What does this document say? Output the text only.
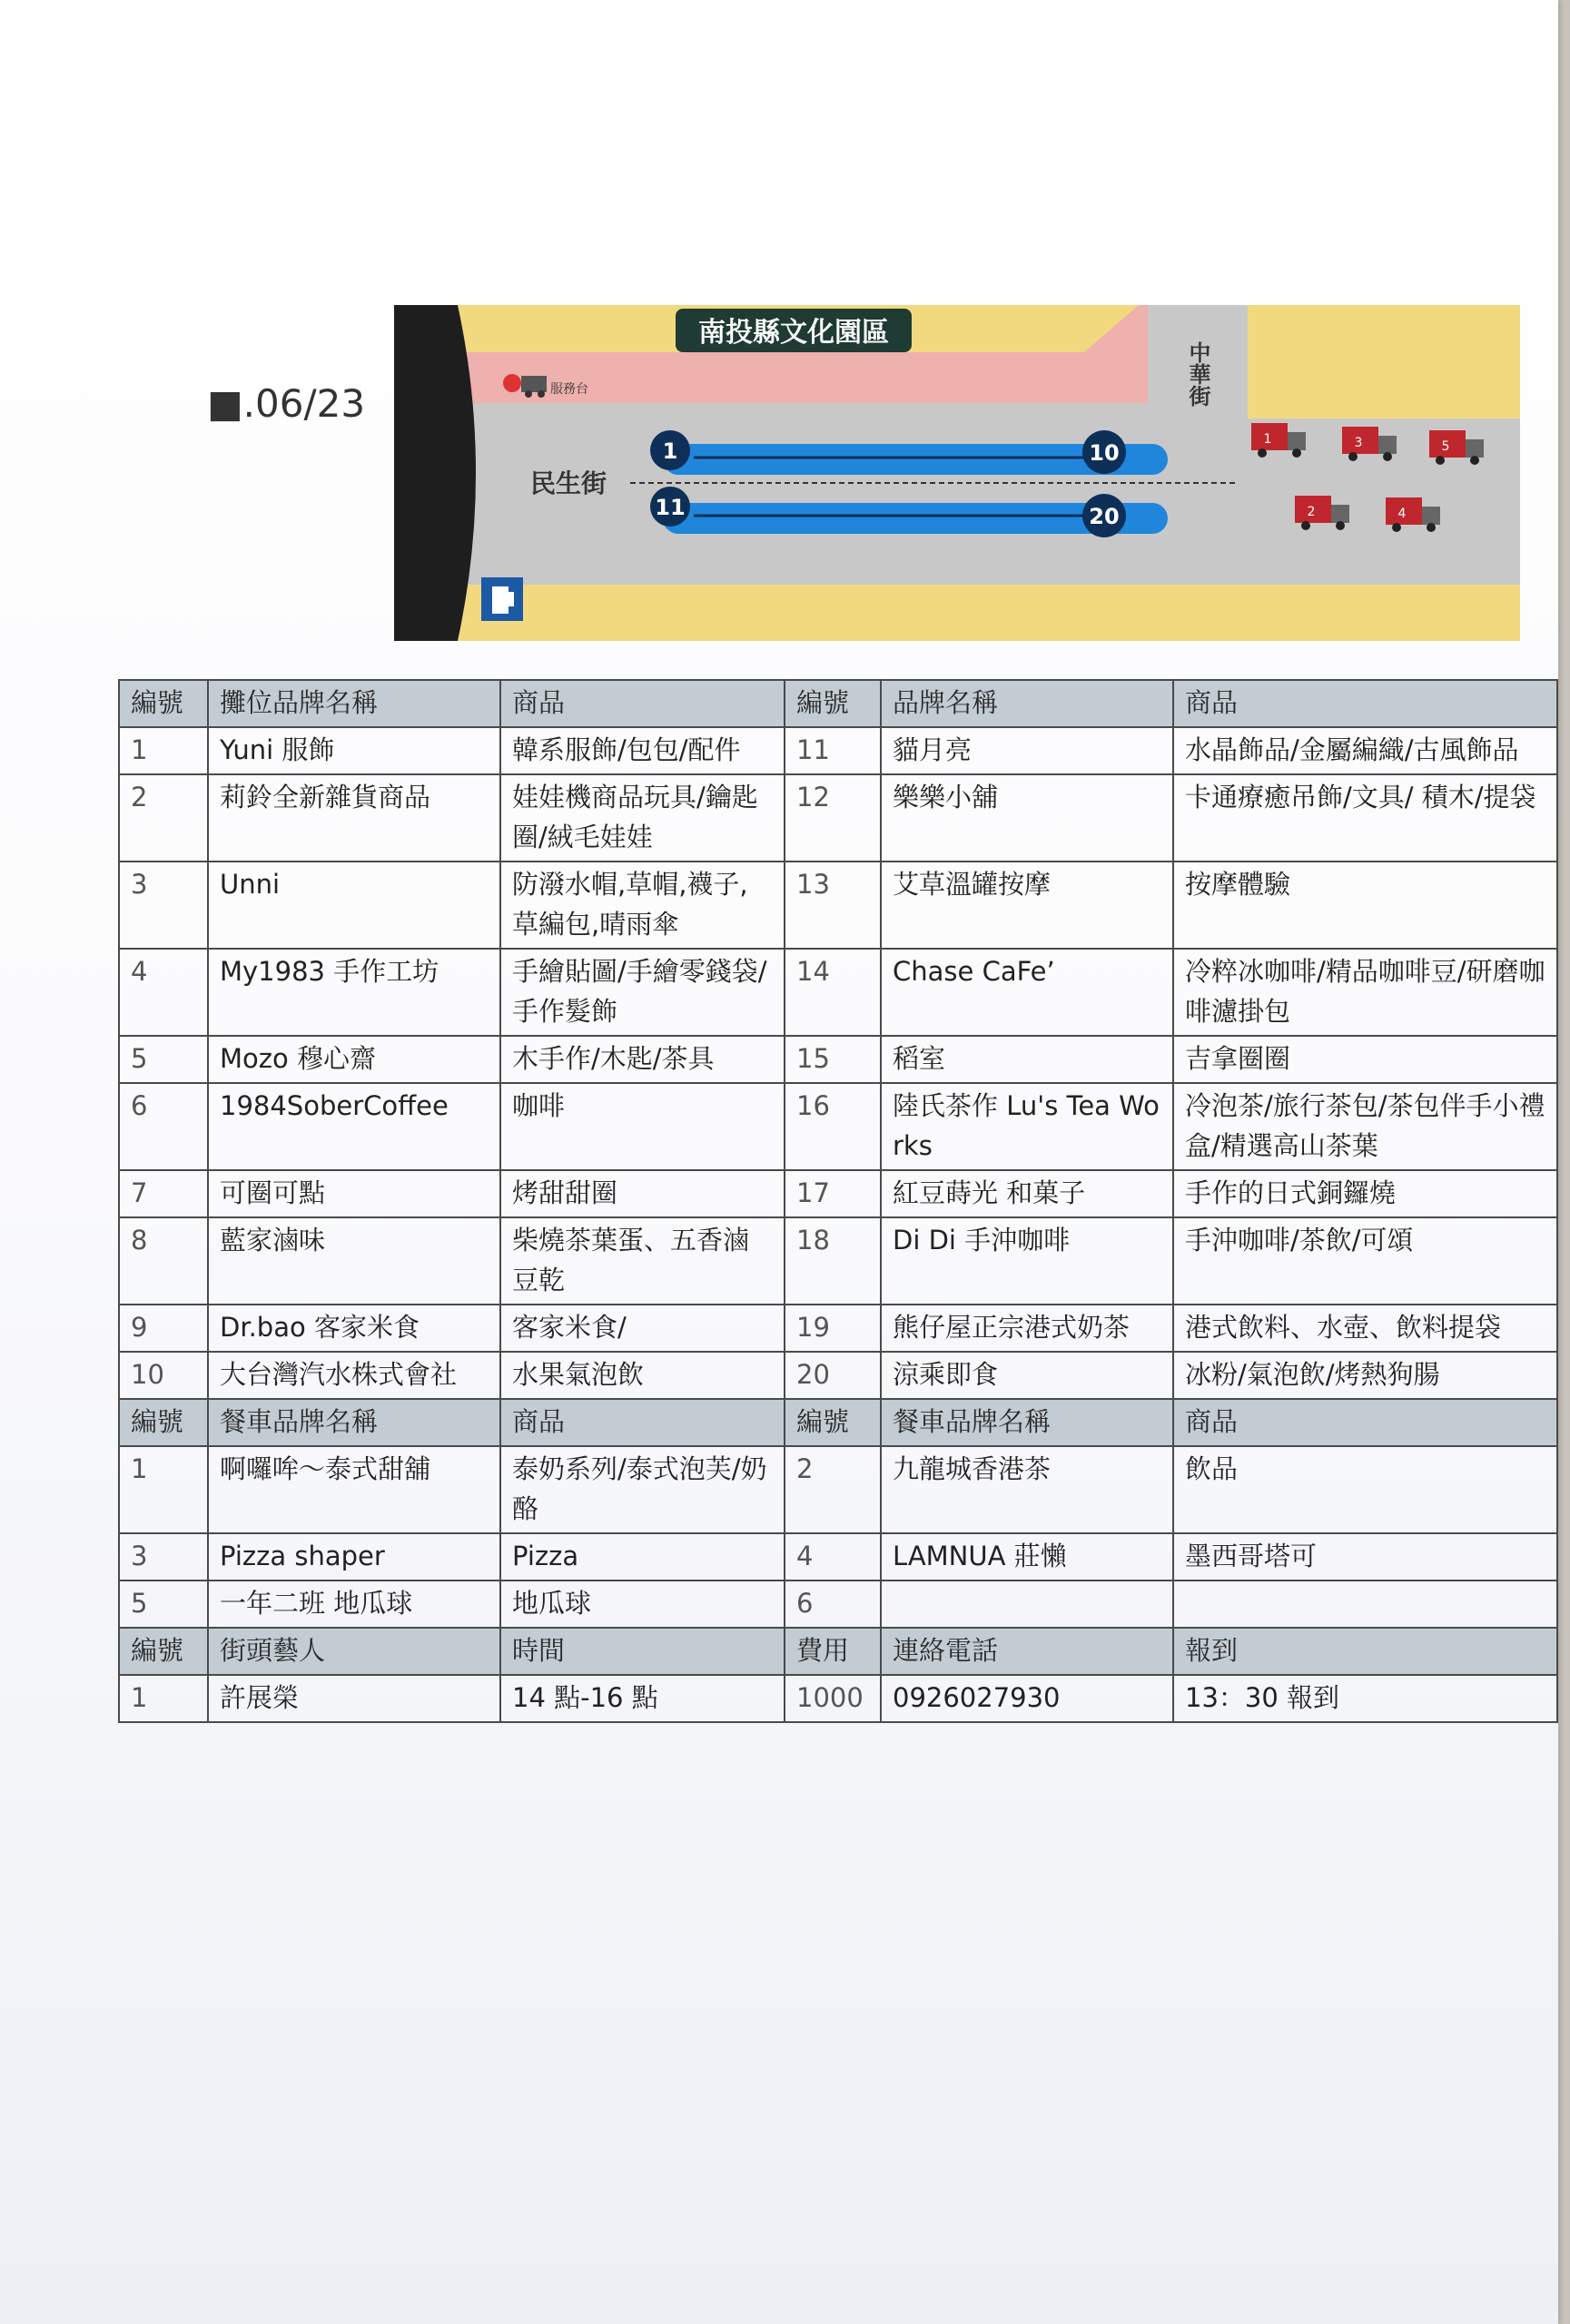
■.06/23
南投縣文化園區
服務台
民生街
中華街
1	10
11	20
1	3	5
2	4
編號	攤位品牌名稱	商品	編號	品牌名稱	商品
1	Yuni 服飾	韓系服飾/包包/配件	11	貓月亮	水晶飾品/金屬編織/古風飾品
2	莉鈴全新雜貨商品	娃娃機商品玩具/鑰匙圈/絨毛娃娃	12	樂樂小舖	卡通療癒吊飾/文具/ 積木/提袋
3	Unni	防潑水帽,草帽,襪子,草編包,晴雨傘	13	艾草溫罐按摩	按摩體驗
4	My1983 手作工坊	手繪貼圖/手繪零錢袋/手作髮飾	14	Chase CaFe’	冷粹冰咖啡/精品咖啡豆/研磨咖啡濾掛包
5	Mozo 穆心齋	木手作/木匙/茶具	15	稻室	吉拿圈圈
6	1984SoberCoffee	咖啡	16	陸氏茶作 Lu's Tea Works	冷泡茶/旅行茶包/茶包伴手小禮盒/精選高山茶葉
7	可圈可點	烤甜甜圈	17	紅豆蒔光 和菓子	手作的日式銅鑼燒
8	藍家滷味	柴燒茶葉蛋、五香滷豆乾	18	Di Di 手沖咖啡	手沖咖啡/茶飲/可頌
9	Dr.bao 客家米食	客家米食/	19	熊仔屋正宗港式奶茶	港式飲料、水壺、飲料提袋
10	大台灣汽水株式會社	水果氣泡飲	20	涼乘即食	冰粉/氣泡飲/烤熱狗腸
編號	餐車品牌名稱	商品	編號	餐車品牌名稱	商品
1	啊囉哞～泰式甜舖	泰奶系列/泰式泡芙/奶酪	2	九龍城香港茶	飲品
3	Pizza shaper	Pizza	4	LAMNUA 莊懶	墨西哥塔可
5	一年二班 地瓜球	地瓜球	6		
編號	街頭藝人	時間	費用	連絡電話	報到
1	許展榮	14 點-16 點	1000	0926027930	13：30 報到
